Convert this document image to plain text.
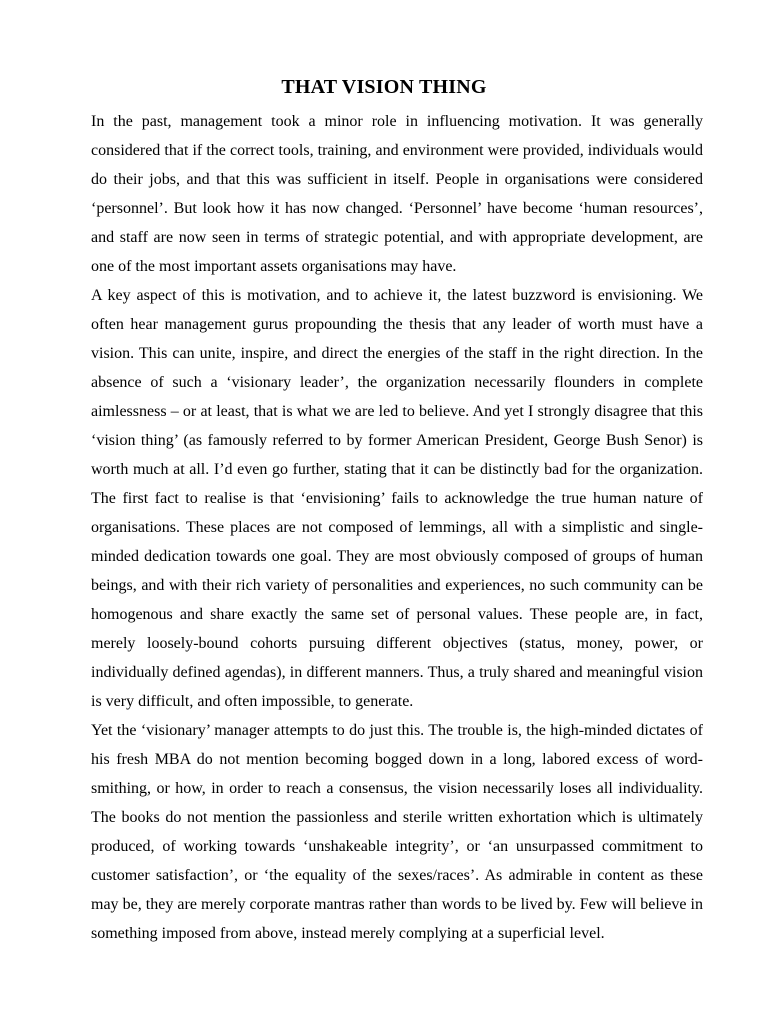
THAT VISION THING

In the past, management took a minor role in influencing motivation. It was generally considered that if the correct tools, training, and environment were provided, individuals would do their jobs, and that this was sufficient in itself. People in organisations were considered ‘personnel’. But look how it has now changed. ‘Personnel’ have become ‘human resources’, and staff are now seen in terms of strategic potential, and with appropriate development, are one of the most important assets organisations may have.

A key aspect of this is motivation, and to achieve it, the latest buzzword is envisioning. We often hear management gurus propounding the thesis that any leader of worth must have a vision. This can unite, inspire, and direct the energies of the staff in the right direction. In the absence of such a ‘visionary leader’, the organization necessarily flounders in complete aimlessness – or at least, that is what we are led to believe. And yet I strongly disagree that this ‘vision thing’ (as famously referred to by former American President, George Bush Senor) is worth much at all. I’d even go further, stating that it can be distinctly bad for the organization. The first fact to realise is that ‘envisioning’ fails to acknowledge the true human nature of organisations. These places are not composed of lemmings, all with a simplistic and single-minded dedication towards one goal. They are most obviously composed of groups of human beings, and with their rich variety of personalities and experiences, no such community can be homogenous and share exactly the same set of personal values. These people are, in fact, merely loosely-bound cohorts pursuing different objectives (status, money, power, or individually defined agendas), in different manners. Thus, a truly shared and meaningful vision is very difficult, and often impossible, to generate.

Yet the ‘visionary’ manager attempts to do just this. The trouble is, the high-minded dictates of his fresh MBA do not mention becoming bogged down in a long, labored excess of word-smithing, or how, in order to reach a consensus, the vision necessarily loses all individuality. The books do not mention the passionless and sterile written exhortation which is ultimately produced, of working towards ‘unshakeable integrity’, or ‘an unsurpassed commitment to customer satisfaction’, or ‘the equality of the sexes/races’. As admirable in content as these may be, they are merely corporate mantras rather than words to be lived by. Few will believe in something imposed from above, instead merely complying at a superficial level.
